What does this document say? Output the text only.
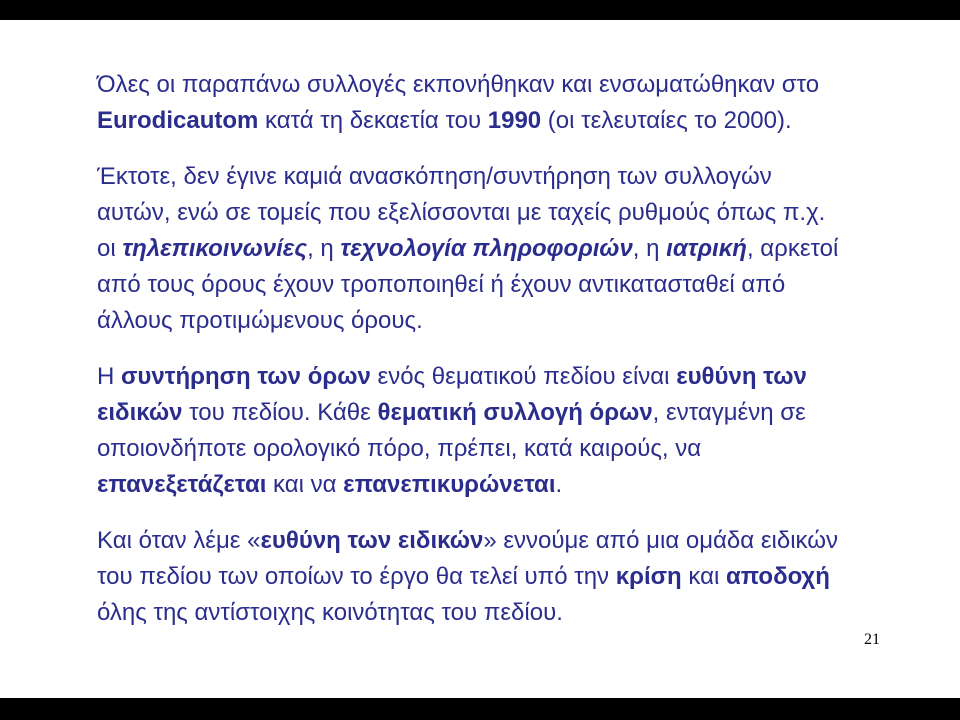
Όλες οι παραπάνω συλλογές εκπονήθηκαν και ενσωματώθηκαν στο
Eurodicautom κατά τη δεκαετία του 1990 (οι τελευταίες το 2000).

Έκτοτε, δεν έγινε καμιά ανασκόπηση/συντήρηση των συλλογών
αυτών, ενώ σε τομείς που εξελίσσονται με ταχείς ρυθμούς όπως π.χ.
οι τηλεπικοινωνίες, η τεχνολογία πληροφοριών, η ιατρική, αρκετοί
από τους όρους έχουν τροποποιηθεί ή έχουν αντικατασταθεί από
άλλους προτιμώμενους όρους.

Η συντήρηση των όρων ενός θεματικού πεδίου είναι ευθύνη των
ειδικών του πεδίου. Κάθε θεματική συλλογή όρων, ενταγμένη σε
οποιονδήποτε ορολογικό πόρο, πρέπει, κατά καιρούς, να
επανεξετάζεται και να επανεπικυρώνεται.

Και όταν λέμε «ευθύνη των ειδικών» εννούμε από μια ομάδα ειδικών
του πεδίου των οποίων το έργο θα τελεί υπό την κρίση και αποδοχή
όλης της αντίστοιχης κοινότητας του πεδίου.

21
